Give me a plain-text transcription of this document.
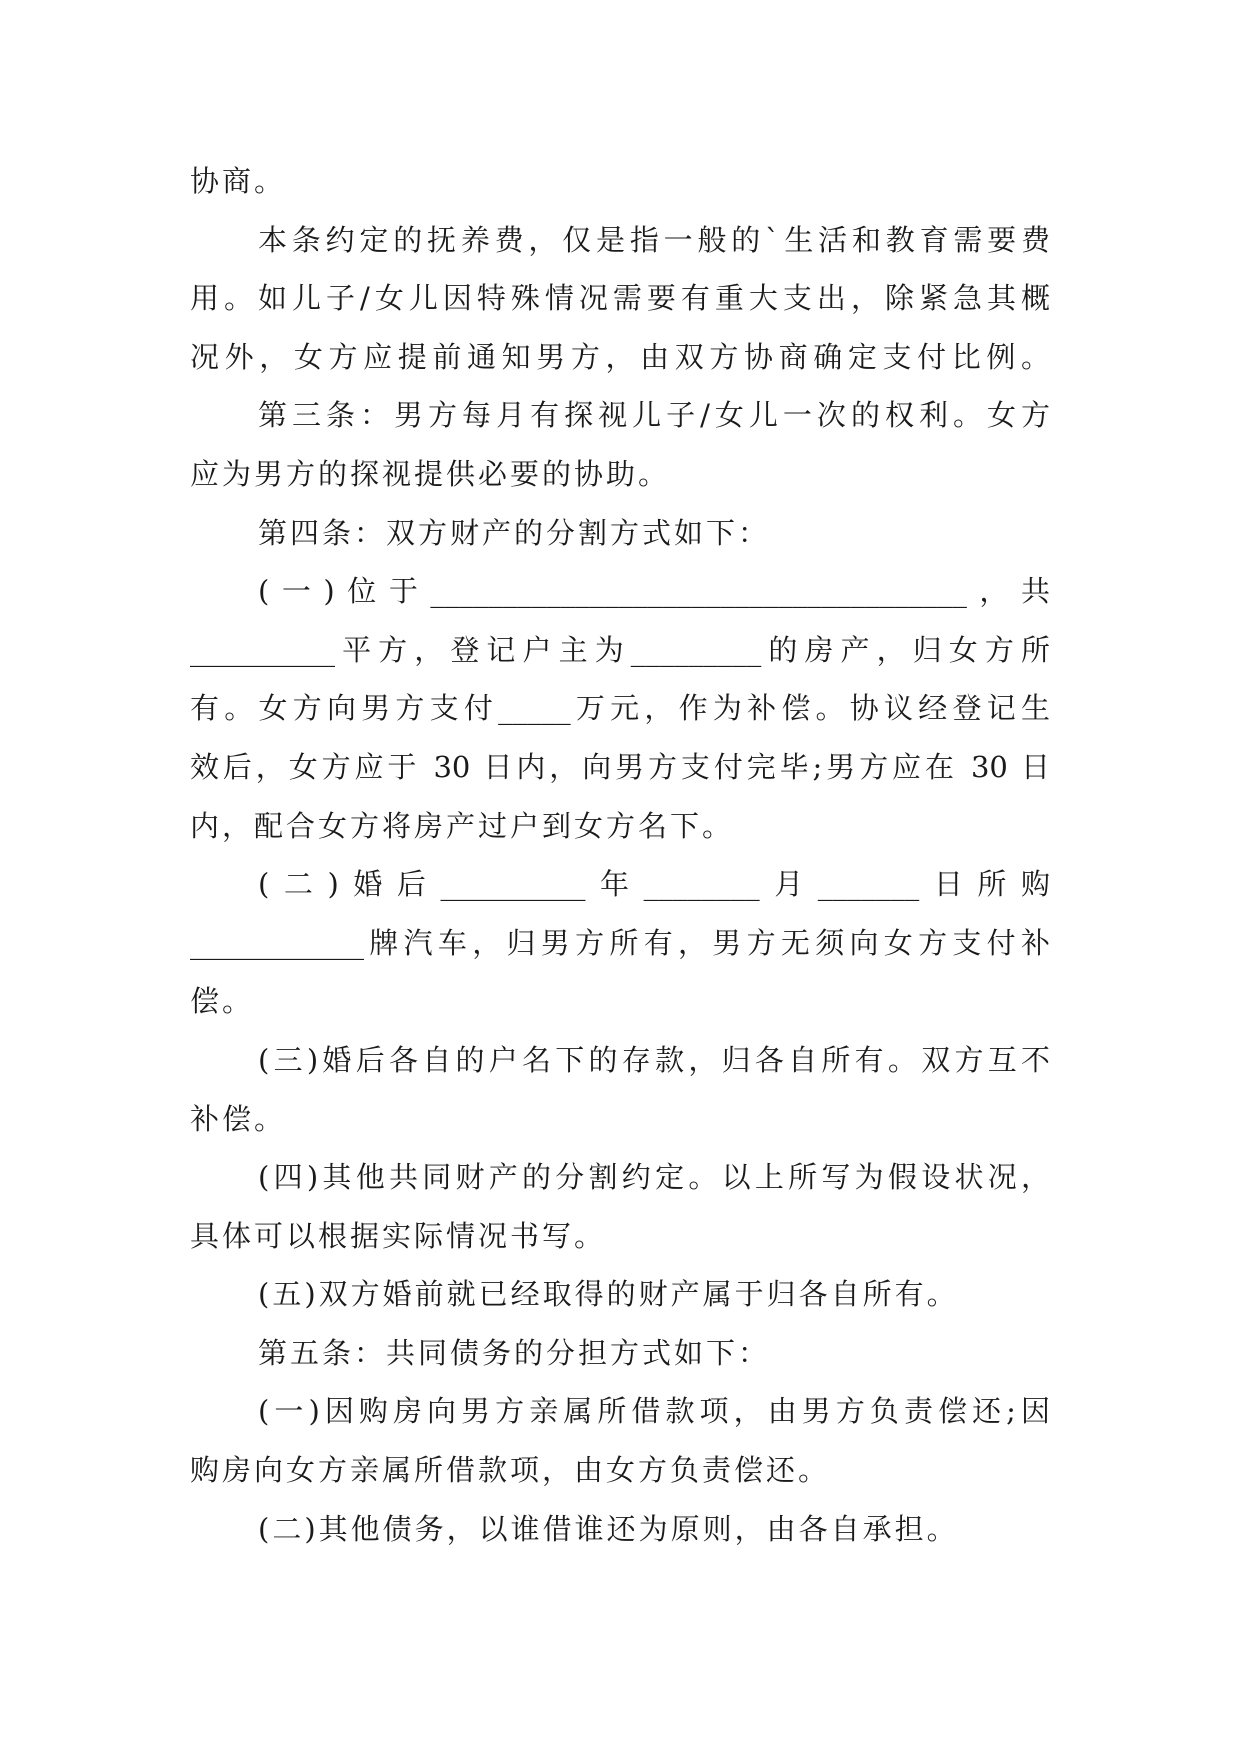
协商。
本条约定的抚养费，仅是指一般的`生活和教育需要费
用。如儿子/女儿因特殊情况需要有重大支出，除紧急其概
况外，女方应提前通知男方，由双方协商确定支付比例。
第三条：男方每月有探视儿子/女儿一次的权利。女方
应为男方的探视提供必要的协助。
第四条：双方财产的分割方式如下：
(一)位于_____________________________________，共
__________平方，登记户主为_________的房产，归女方所
有。女方向男方支付_____万元，作为补偿。协议经登记生
效后，女方应于 30 日内，向男方支付完毕;男方应在 30 日
内，配合女方将房产过户到女方名下。
(二)婚后__________年________月_______日所购
____________牌汽车，归男方所有，男方无须向女方支付补
偿。
(三)婚后各自的户名下的存款，归各自所有。双方互不
补偿。
(四)其他共同财产的分割约定。以上所写为假设状况，
具体可以根据实际情况书写。
(五)双方婚前就已经取得的财产属于归各自所有。
第五条：共同债务的分担方式如下：
(一)因购房向男方亲属所借款项，由男方负责偿还;因
购房向女方亲属所借款项，由女方负责偿还。
(二)其他债务，以谁借谁还为原则，由各自承担。
